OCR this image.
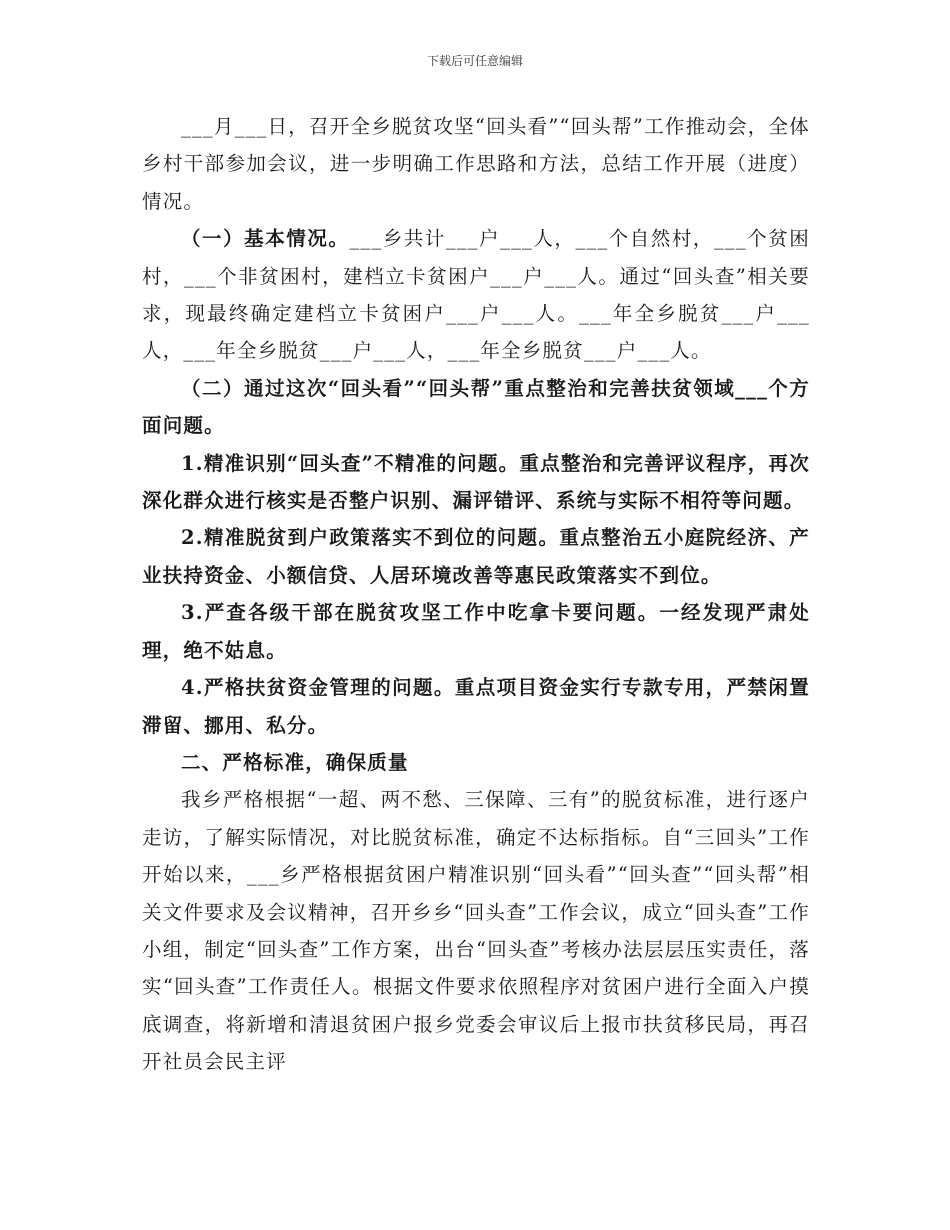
下载后可任意编辑

___月___日，召开全乡脱贫攻坚“回头看”“回头帮”工作推动会，全体乡村干部参加会议，进一步明确工作思路和方法，总结工作开展（进度）情况。

（一）基本情况。___乡共计___户___人，___个自然村，___个贫困村，___个非贫困村，建档立卡贫困户___户___人。通过“回头查”相关要求，现最终确定建档立卡贫困户___户___人。___年全乡脱贫___户___人，___年全乡脱贫___户___人，___年全乡脱贫___户___人。

（二）通过这次“回头看”“回头帮”重点整治和完善扶贫领域___个方面问题。

1.精准识别“回头查”不精准的问题。重点整治和完善评议程序，再次深化群众进行核实是否整户识别、漏评错评、系统与实际不相符等问题。

2.精准脱贫到户政策落实不到位的问题。重点整治五小庭院经济、产业扶持资金、小额信贷、人居环境改善等惠民政策落实不到位。

3.严查各级干部在脱贫攻坚工作中吃拿卡要问题。一经发现严肃处理，绝不姑息。

4.严格扶贫资金管理的问题。重点项目资金实行专款专用，严禁闲置滞留、挪用、私分。

二、严格标准，确保质量

我乡严格根据“一超、两不愁、三保障、三有”的脱贫标准，进行逐户走访，了解实际情况，对比脱贫标准，确定不达标指标。自“三回头”工作开始以来，___乡严格根据贫困户精准识别“回头看”“回头查”“回头帮”相关文件要求及会议精神，召开乡乡“回头查”工作会议，成立“回头查”工作小组，制定“回头查”工作方案，出台“回头查”考核办法层层压实责任，落实“回头查”工作责任人。根据文件要求依照程序对贫困户进行全面入户摸底调查，将新增和清退贫困户报乡党委会审议后上报市扶贫移民局，再召开社员会民主评
